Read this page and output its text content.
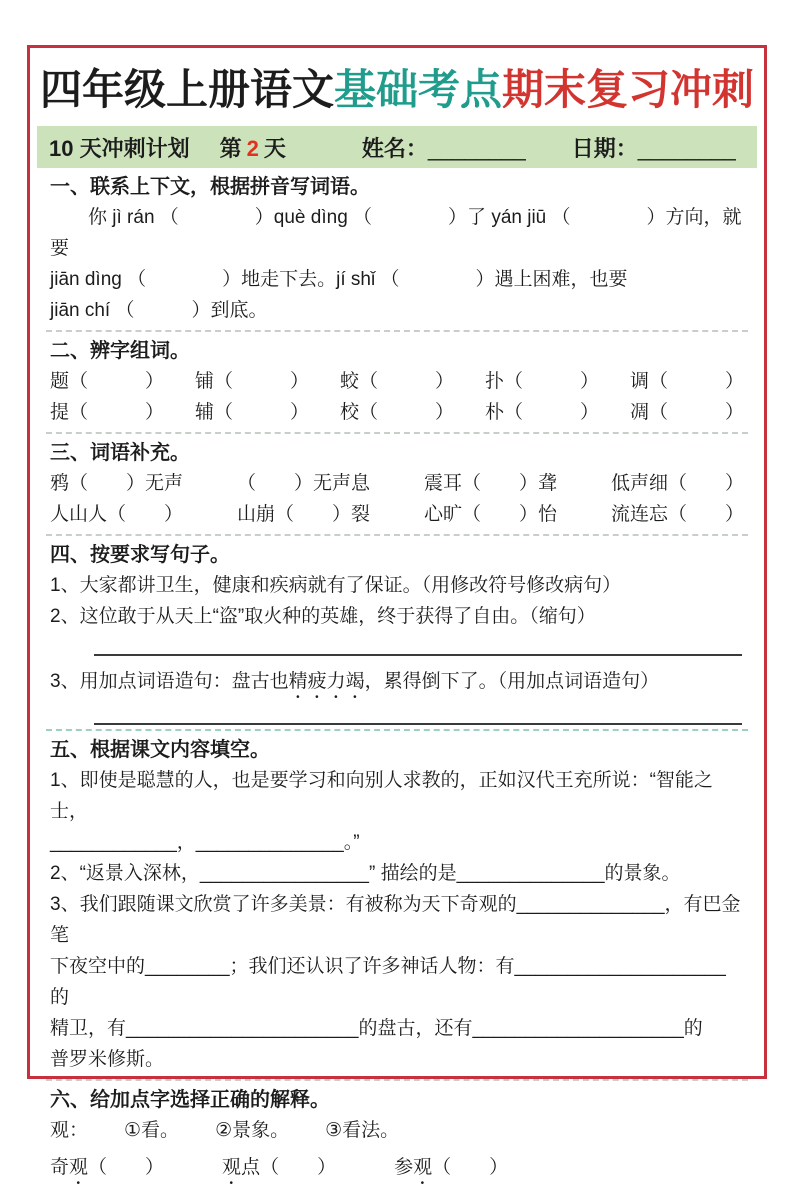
四年级上册语文基础考点期末复习冲刺
10 天冲刺计划 第 2 天	姓名：________ 日期：________
一、联系上下文，根据拼音写词语。
你 jì rán （　　　　）què dìng （　　　　）了 yán jiū （　　　　）方向，就要
jiān dìng （　　　　）地走下去。jí shǐ （　　　　）遇上困难，也要
jiān chí （　　　）到底。
二、辨字组词。
题（　　　） 铺（　　　） 蛟（　　　） 扑（　　　） 调（　　　）
提（　　　） 辅（　　　） 校（　　　） 朴（　　　） 凋（　　　）
三、词语补充。
鸦（　　）无声	（　　）无声息	震耳（　　）聋	低声细（　　）
人山人（　　）	山崩（　　）裂	心旷（　　）怡	流连忘（　　）
四、按要求写句子。
1、大家都讲卫生，健康和疾病就有了保证。（用修改符号修改病句）
2、这位敢于从天上“盗”取火种的英雄，终于获得了自由。（缩句）
3、用加点词语造句：盘古也精疲力竭，累得倒下了。（用加点词语造句）
五、根据课文内容填空。
1、即使是聪慧的人，也是要学习和向别人求教的，正如汉代王充所说：“智能之士，
____________，______________。”
2、“返景入深林，________________” 描绘的是______________的景象。
3、我们跟随课文欣赏了许多美景：有被称为天下奇观的______________，有巴金笔
下夜空中的________；我们还认识了许多神话人物：有____________________的
精卫，有______________________的盘古，还有____________________的
普罗米修斯。
六、给加点字选择正确的解释。
观： ①看。 ②景象。 ③看法。
奇观（　　）	观点（　　）	参观（　　）
